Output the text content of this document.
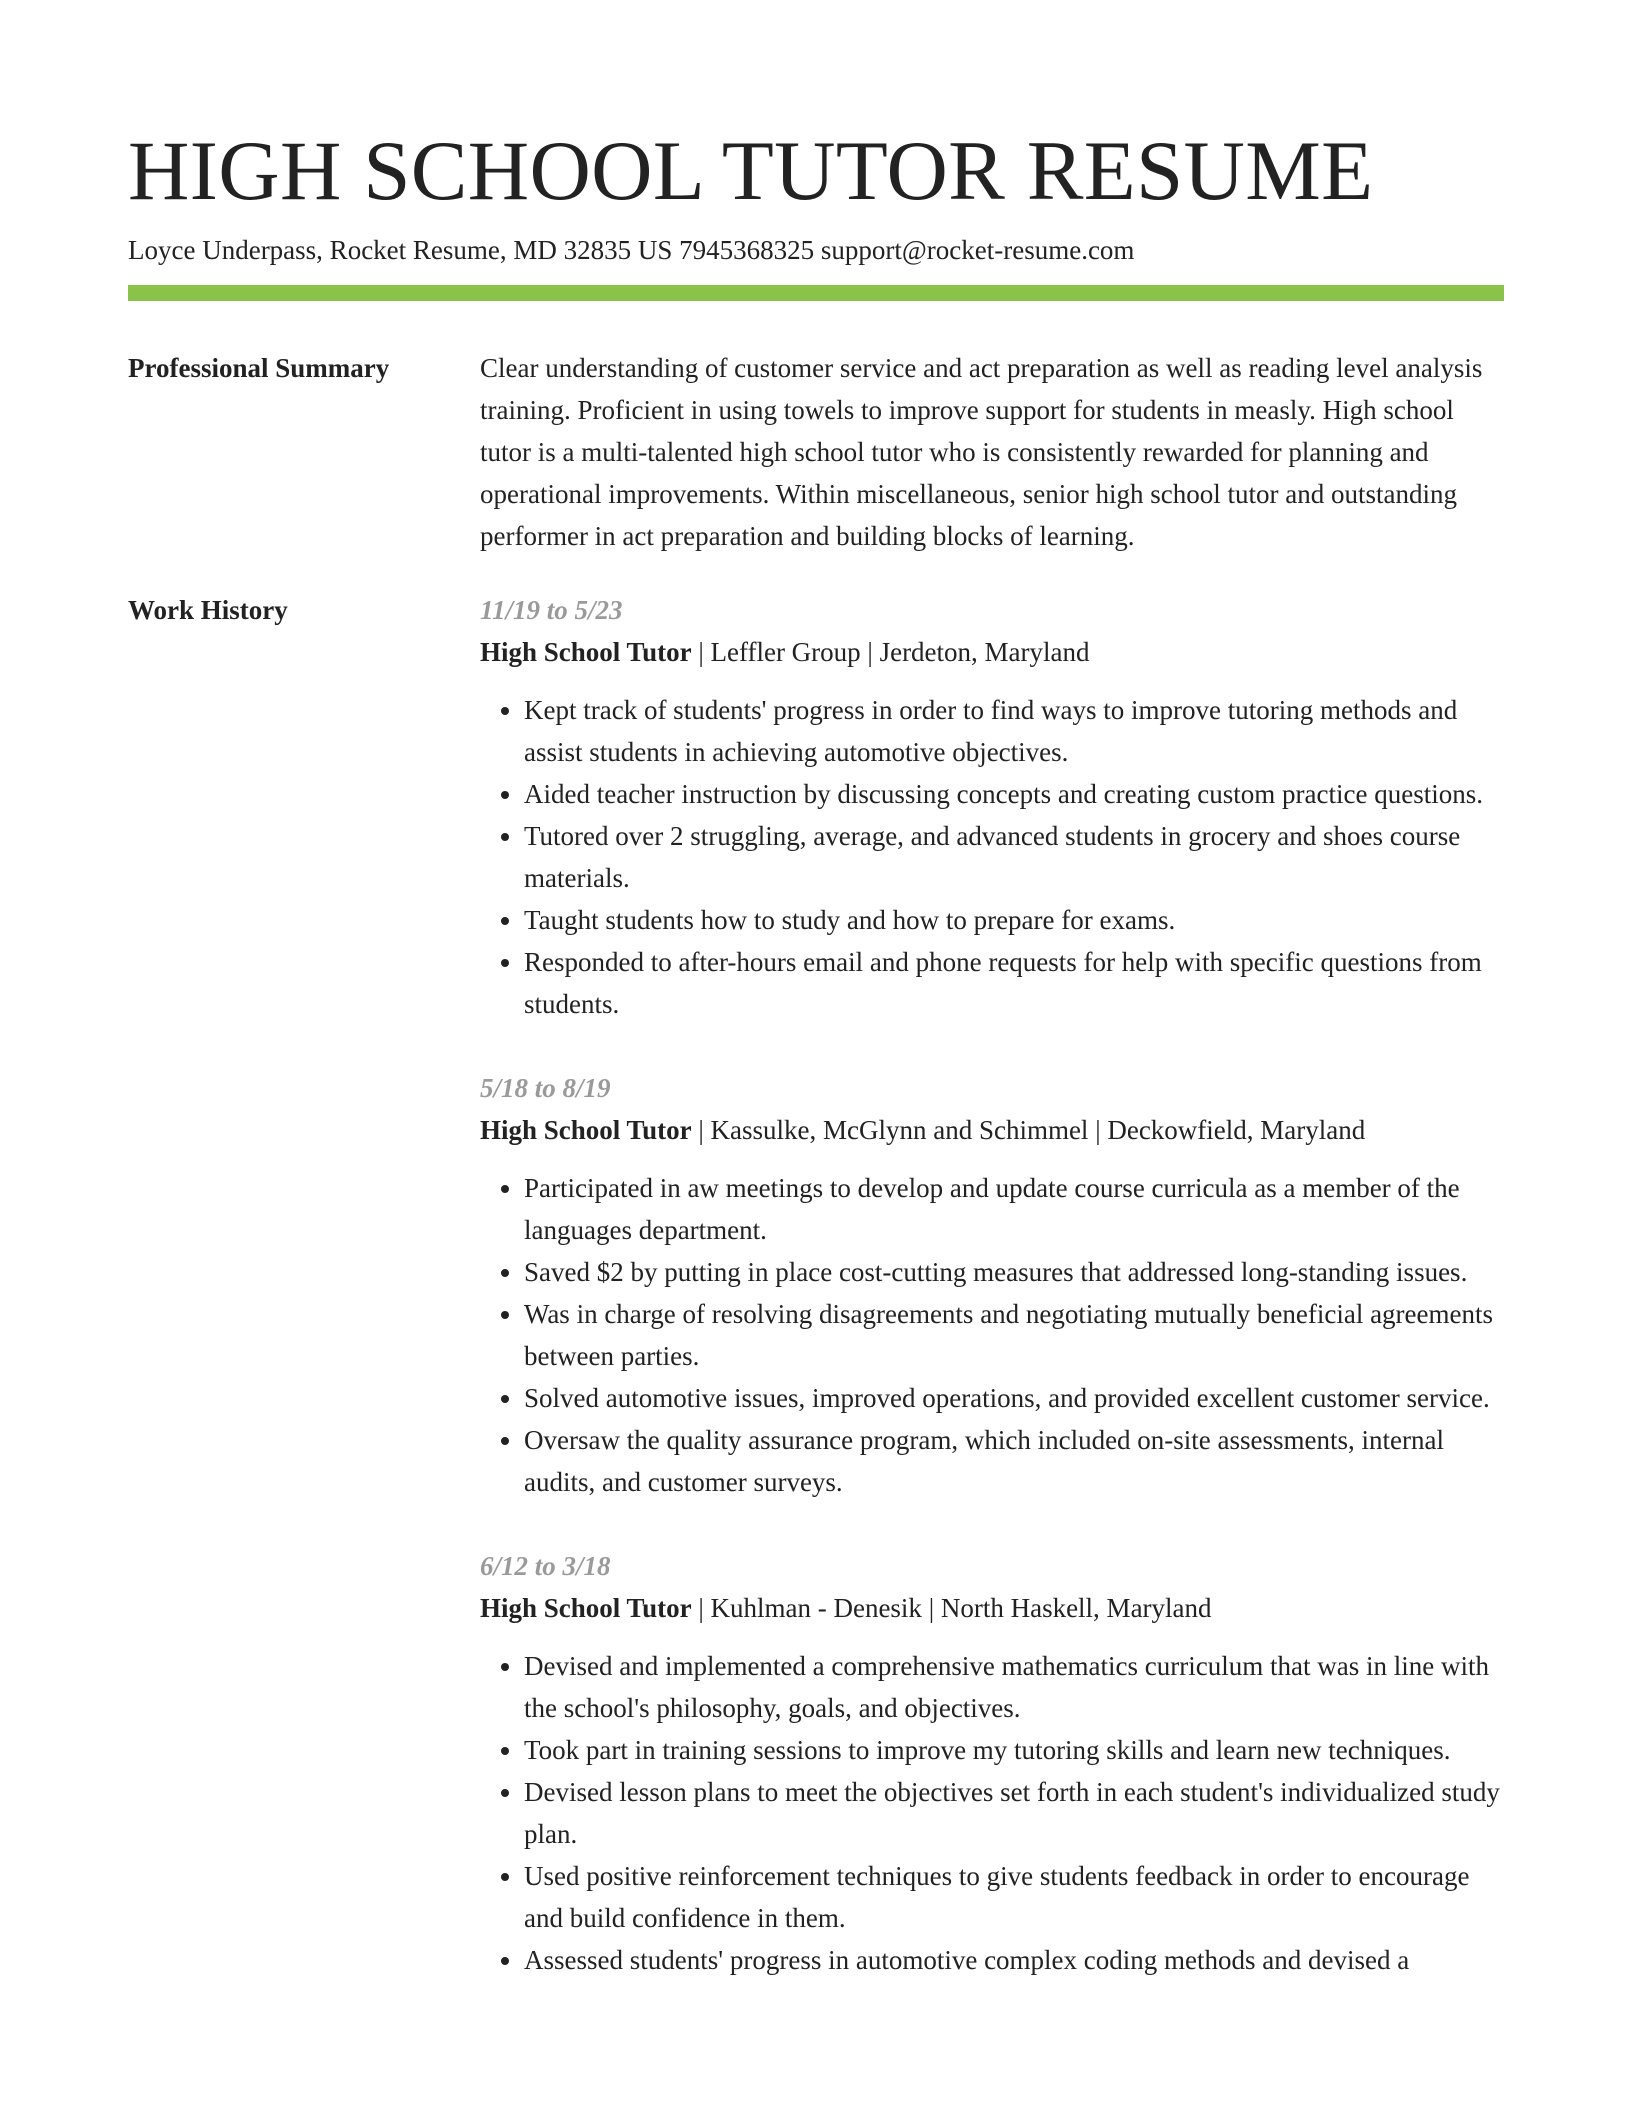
HIGH SCHOOL TUTOR RESUME
Loyce Underpass, Rocket Resume, MD 32835 US 7945368325 support@rocket-resume.com
Professional Summary	Clear understanding of customer service and act preparation as well as reading level analysis training. Proficient in using towels to improve support for students in measly. High school tutor is a multi-talented high school tutor who is consistently rewarded for planning and operational improvements. Within miscellaneous, senior high school tutor and outstanding performer in act preparation and building blocks of learning.

Work History	11/19 to 5/23

High School Tutor | Leffler Group | Jerdeton, Maryland

• Kept track of students' progress in order to find ways to improve tutoring methods and assist students in achieving automotive objectives.
• Aided teacher instruction by discussing concepts and creating custom practice questions.
• Tutored over 2 struggling, average, and advanced students in grocery and shoes course materials.
• Taught students how to study and how to prepare for exams.
• Responded to after-hours email and phone requests for help with specific questions from students.

5/18 to 8/19

High School Tutor | Kassulke, McGlynn and Schimmel | Deckowfield, Maryland

• Participated in aw meetings to develop and update course curricula as a member of the languages department.
• Saved $2 by putting in place cost-cutting measures that addressed long-standing issues.
• Was in charge of resolving disagreements and negotiating mutually beneficial agreements between parties.
• Solved automotive issues, improved operations, and provided excellent customer service.
• Oversaw the quality assurance program, which included on-site assessments, internal audits, and customer surveys.

6/12 to 3/18

High School Tutor | Kuhlman - Denesik | North Haskell, Maryland

• Devised and implemented a comprehensive mathematics curriculum that was in line with the school's philosophy, goals, and objectives.
• Took part in training sessions to improve my tutoring skills and learn new techniques.
• Devised lesson plans to meet the objectives set forth in each student's individualized study plan.
• Used positive reinforcement techniques to give students feedback in order to encourage and build confidence in them.
• Assessed students' progress in automotive complex coding methods and devised a
